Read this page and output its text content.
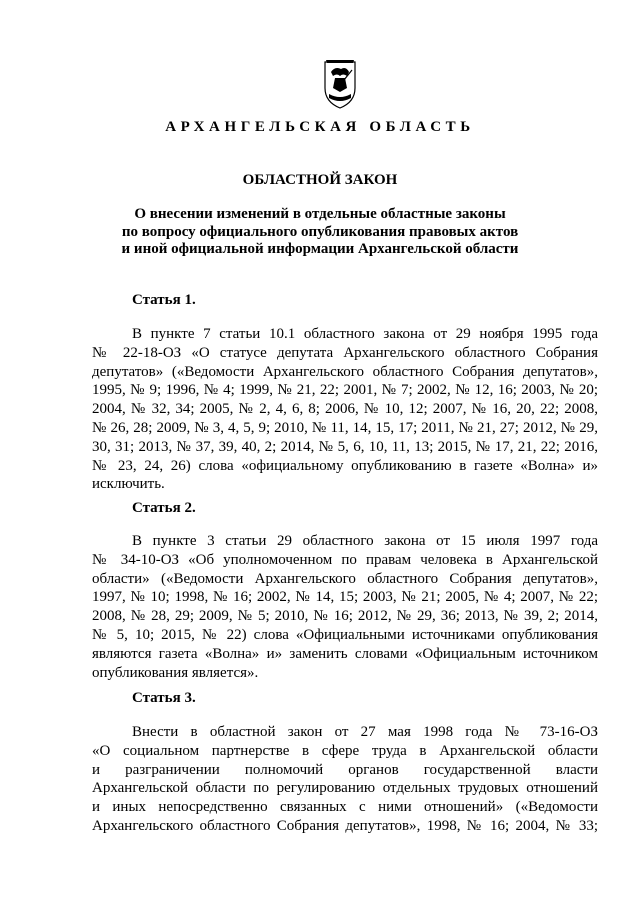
АРХАНГЕЛЬСКАЯ ОБЛАСТЬ
ОБЛАСТНОЙ ЗАКОН
О внесении изменений в отдельные областные законы
по вопросу официального опубликования правовых актов
и иной официальной информации Архангельской области
Статья 1.
В пункте 7 статьи 10.1 областного закона от 29 ноября 1995 года
№ 22-18-ОЗ «О статусе депутата Архангельского областного Собрания
депутатов» («Ведомости Архангельского областного Собрания депутатов»,
1995, № 9; 1996, № 4; 1999, № 21, 22; 2001, № 7; 2002, № 12, 16; 2003, № 20;
2004, № 32, 34; 2005, № 2, 4, 6, 8; 2006, № 10, 12; 2007, № 16, 20, 22; 2008,
№ 26, 28; 2009, № 3, 4, 5, 9; 2010, № 11, 14, 15, 17; 2011, № 21, 27; 2012, № 29,
30, 31; 2013, № 37, 39, 40, 2; 2014, № 5, 6, 10, 11, 13; 2015, № 17, 21, 22; 2016,
№ 23, 24, 26) слова «официальному опубликованию в газете «Волна» и»
исключить.
Статья 2.
В пункте 3 статьи 29 областного закона от 15 июля 1997 года
№ 34-10-ОЗ «Об уполномоченном по правам человека в Архангельской
области» («Ведомости Архангельского областного Собрания депутатов»,
1997, № 10; 1998, № 16; 2002, № 14, 15; 2003, № 21; 2005, № 4; 2007, № 22;
2008, № 28, 29; 2009, № 5; 2010, № 16; 2012, № 29, 36; 2013, № 39, 2; 2014,
№ 5, 10; 2015, № 22) слова «Официальными источниками опубликования
являются газета «Волна» и» заменить словами «Официальным источником
опубликования является».
Статья 3.
Внести в областной закон от 27 мая 1998 года № 73-16-ОЗ
«О социальном партнерстве в сфере труда в Архангельской области
и разграничении полномочий органов государственной власти
Архангельской области по регулированию отдельных трудовых отношений
и иных непосредственно связанных с ними отношений» («Ведомости
Архангельского областного Собрания депутатов», 1998, № 16; 2004, № 33;
